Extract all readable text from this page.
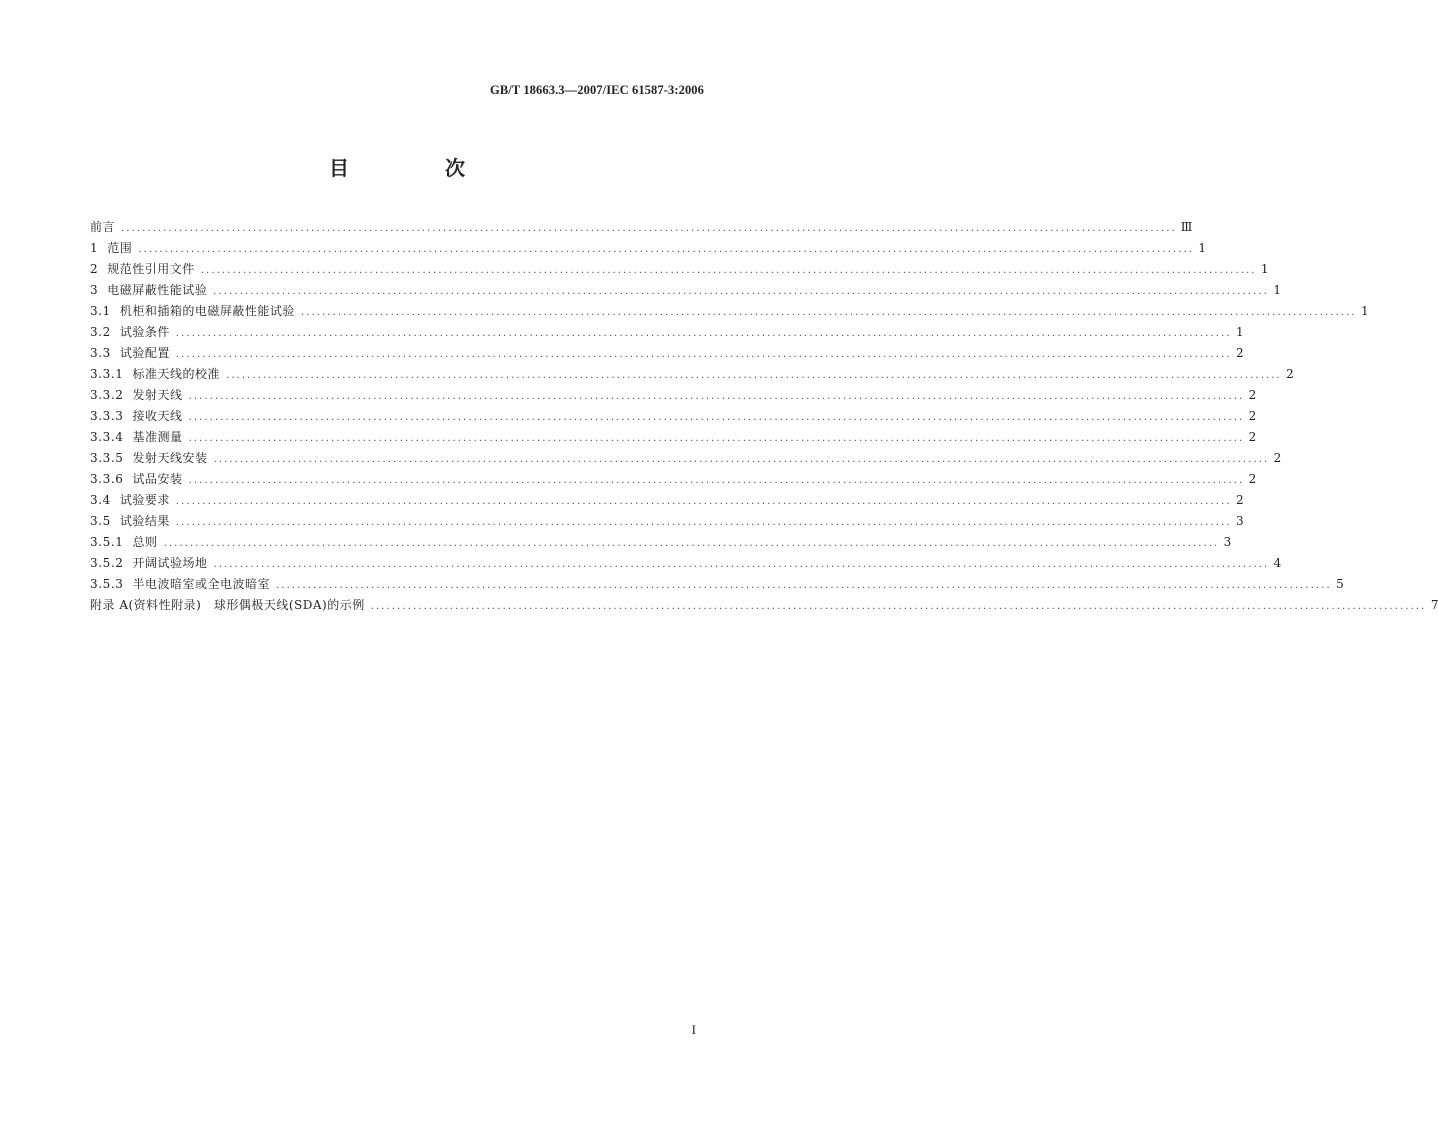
GB/T 18663.3—2007/IEC 61587-3:2006
目　次
前言 ........................................................................................................................................................................................................ Ⅲ
1 范围 ........................................................................................................................................................................................................ 1
2 规范性引用文件 ........................................................................................................................................................................................................ 1
3 电磁屏蔽性能试验 ........................................................................................................................................................................................................ 1
3.1 机柜和插箱的电磁屏蔽性能试验 ........................................................................................................................................................................................................ 1
3.2 试验条件 ........................................................................................................................................................................................................ 1
3.3 试验配置 ........................................................................................................................................................................................................ 2
3.3.1 标准天线的校准 ........................................................................................................................................................................................................ 2
3.3.2 发射天线 ........................................................................................................................................................................................................ 2
3.3.3 接收天线 ........................................................................................................................................................................................................ 2
3.3.4 基准测量 ........................................................................................................................................................................................................ 2
3.3.5 发射天线安装 ........................................................................................................................................................................................................ 2
3.3.6 试品安装 ........................................................................................................................................................................................................ 2
3.4 试验要求 ........................................................................................................................................................................................................ 2
3.5 试验结果 ........................................................................................................................................................................................................ 3
3.5.1 总则 ........................................................................................................................................................................................................ 3
3.5.2 开阔试验场地 ........................................................................................................................................................................................................ 4
3.5.3 半电波暗室或全电波暗室 ........................................................................................................................................................................................................ 5
附录 A(资料性附录)　球形偶极天线(SDA)的示例 ........................................................................................................................................................................................................ 7
I
